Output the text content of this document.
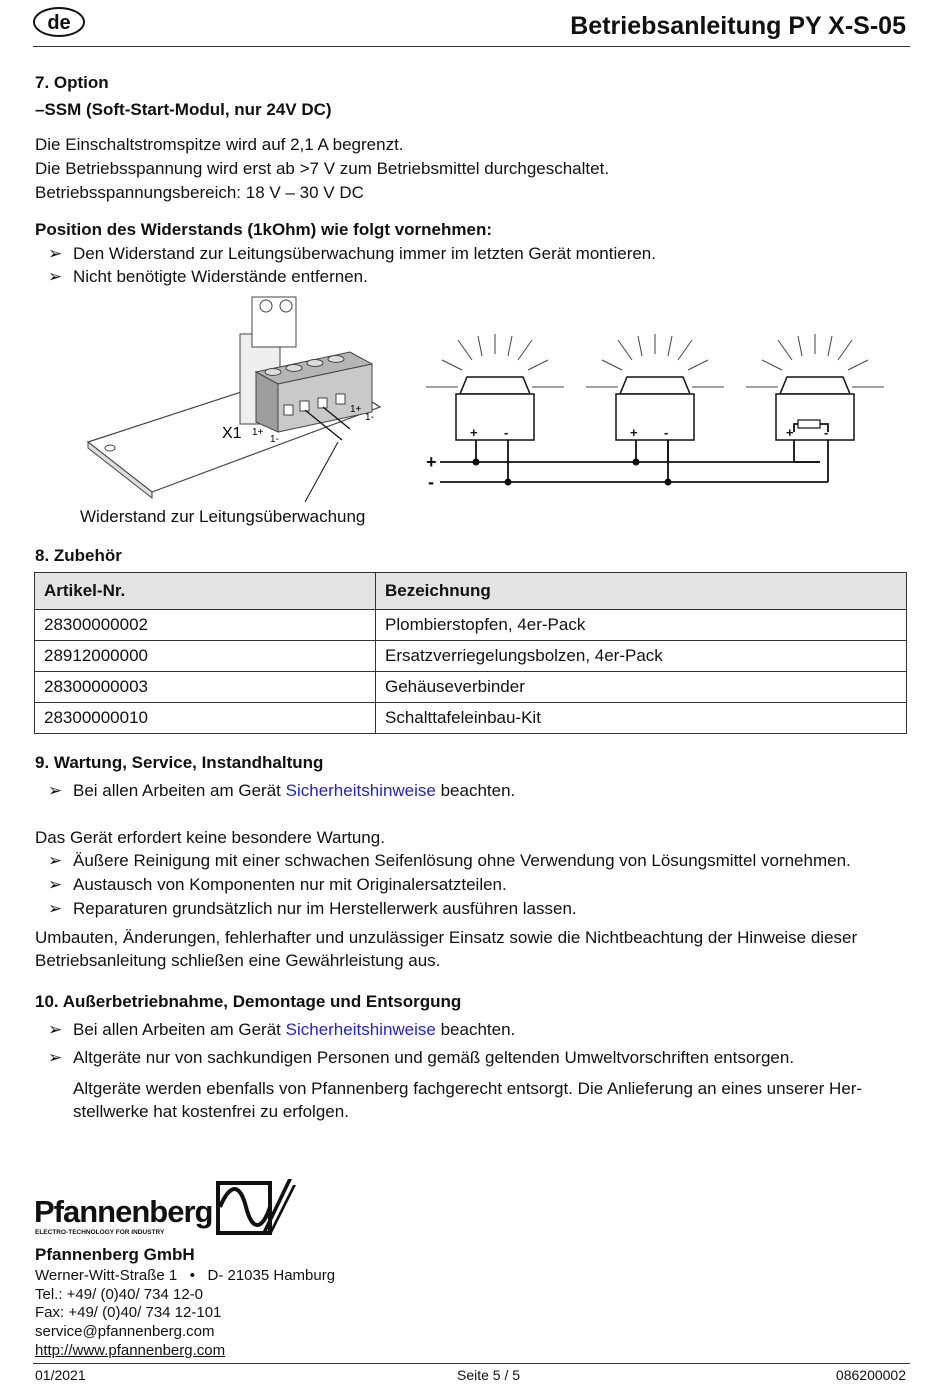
de	Betriebsanleitung PY X-S-05
7. Option
–SSM (Soft-Start-Modul, nur 24V DC)
Die Einschaltstromspitze wird auf 2,1 A begrenzt.
Die Betriebsspannung wird erst ab >7 V zum Betriebsmittel durchgeschaltet.
Betriebsspannungsbereich: 18 V – 30 V DC
Position des Widerstands (1kOhm) wie folgt vornehmen:
➢ Den Widerstand zur Leitungsüberwachung immer im letzten Gerät montieren.
➢ Nicht benötigte Widerstände entfernen.
X1 1+
1-
1+
1-
Widerstand zur Leitungsüberwachung
+
-
+ -	+ -	+ -
8. Zubehör
Artikel-Nr.	Bezeichnung
28300000002	Plombierstopfen, 4er-Pack
28912000000	Ersatzverriegelungsbolzen, 4er-Pack
28300000003	Gehäuseverbinder
28300000010	Schalttafeleinbau-Kit
9. Wartung, Service, Instandhaltung
➢ Bei allen Arbeiten am Gerät Sicherheitshinweise beachten.
Das Gerät erfordert keine besondere Wartung.
➢ Äußere Reinigung mit einer schwachen Seifenlösung ohne Verwendung von Lösungsmittel vornehmen.
➢ Austausch von Komponenten nur mit Originalersatzteilen.
➢ Reparaturen grundsätzlich nur im Herstellerwerk ausführen lassen.
Umbauten, Änderungen, fehlerhafter und unzulässiger Einsatz sowie die Nichtbeachtung der Hinweise dieser
Betriebsanleitung schließen eine Gewährleistung aus.
10. Außerbetriebnahme, Demontage und Entsorgung
➢ Bei allen Arbeiten am Gerät Sicherheitshinweise beachten.
➢ Altgeräte nur von sachkundigen Personen und gemäß geltenden Umweltvorschriften entsorgen.
Altgeräte werden ebenfalls von Pfannenberg fachgerecht entsorgt. Die Anlieferung an eines unserer Her-
stellwerke hat kostenfrei zu erfolgen.
Pfannenberg
ELECTRO-TECHNOLOGY FOR INDUSTRY
Pfannenberg GmbH
Werner-Witt-Straße 1   •   D- 21035 Hamburg
Tel.: +49/ (0)40/ 734 12-0
Fax: +49/ (0)40/ 734 12-101
service@pfannenberg.com
http://www.pfannenberg.com
01/2021	Seite 5 / 5	086200002
